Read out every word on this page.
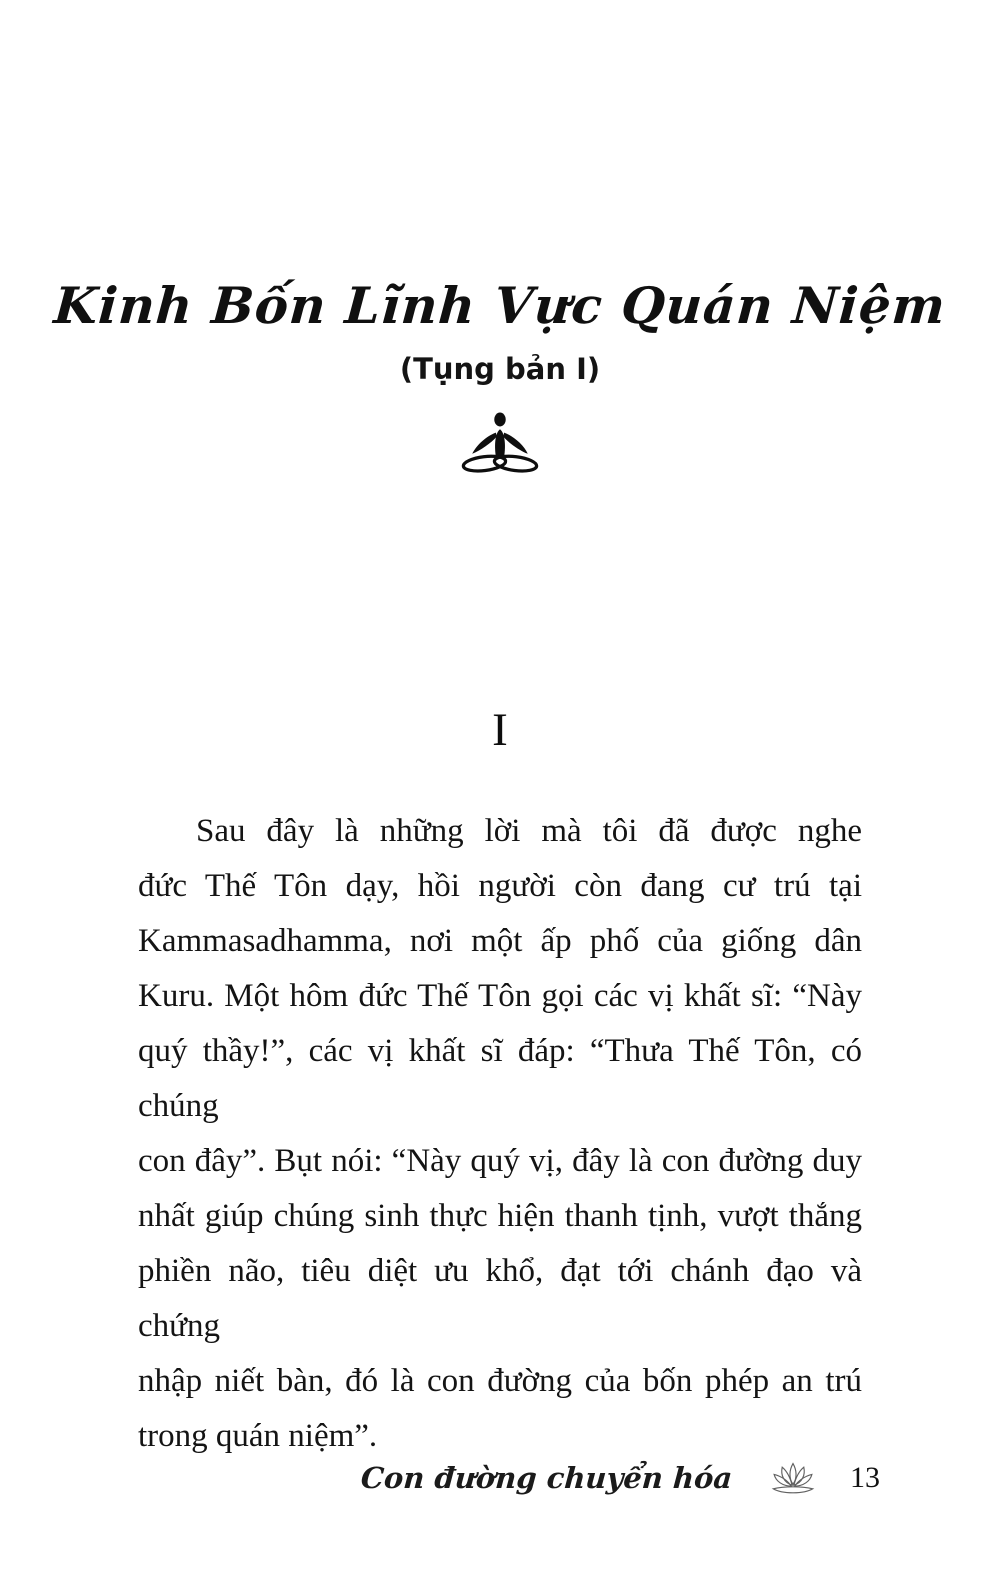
Kinh Bốn Lĩnh Vực Quán Niệm
(Tụng bản I)
I
Sau đây là những lời mà tôi đã được nghe
đức Thế Tôn dạy, hồi người còn đang cư trú tại
Kammasadhamma, nơi một ấp phố của giống dân
Kuru. Một hôm đức Thế Tôn gọi các vị khất sĩ: “Này
quý thầy!”, các vị khất sĩ đáp: “Thưa Thế Tôn, có chúng
con đây”. Bụt nói: “Này quý vị, đây là con đường duy
nhất giúp chúng sinh thực hiện thanh tịnh, vượt thắng
phiền não, tiêu diệt ưu khổ, đạt tới chánh đạo và chứng
nhập niết bàn, đó là con đường của bốn phép an trú
trong quán niệm”.
Con đường chuyển hóa	13
